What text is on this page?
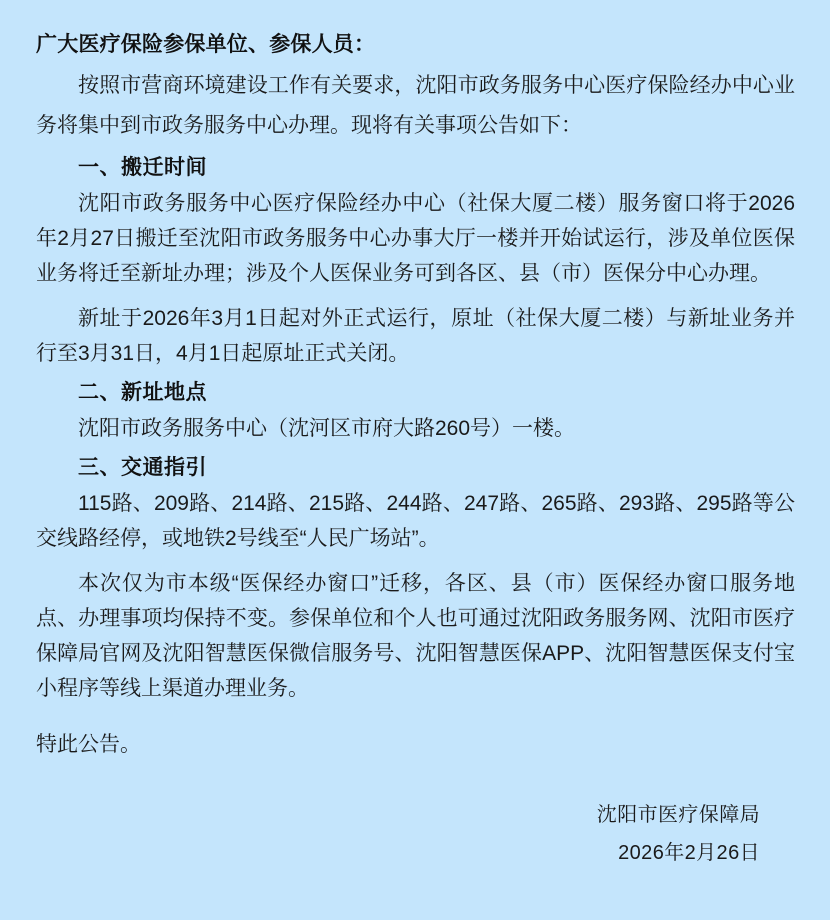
广大医疗保险参保单位、参保人员：

按照市营商环境建设工作有关要求，沈阳市政务服务中心医疗保险经办中心业务将集中到市政务服务中心办理。现将有关事项公告如下：

一、搬迁时间

沈阳市政务服务中心医疗保险经办中心（社保大厦二楼）服务窗口将于2026年2月27日搬迁至沈阳市政务服务中心办事大厅一楼并开始试运行，涉及单位医保业务将迁至新址办理；涉及个人医保业务可到各区、县（市）医保分中心办理。

新址于2026年3月1日起对外正式运行，原址（社保大厦二楼）与新址业务并行至3月31日，4月1日起原址正式关闭。

二、新址地点

沈阳市政务服务中心（沈河区市府大路260号）一楼。

三、交通指引

115路、209路、214路、215路、244路、247路、265路、293路、295路等公交线路经停，或地铁2号线至“人民广场站”。

本次仅为市本级“医保经办窗口”迁移，各区、县（市）医保经办窗口服务地点、办理事项均保持不变。参保单位和个人也可通过沈阳政务服务网、沈阳市医疗保障局官网及沈阳智慧医保微信服务号、沈阳智慧医保APP、沈阳智慧医保支付宝小程序等线上渠道办理业务。

特此公告。

沈阳市医疗保障局
2026年2月26日
